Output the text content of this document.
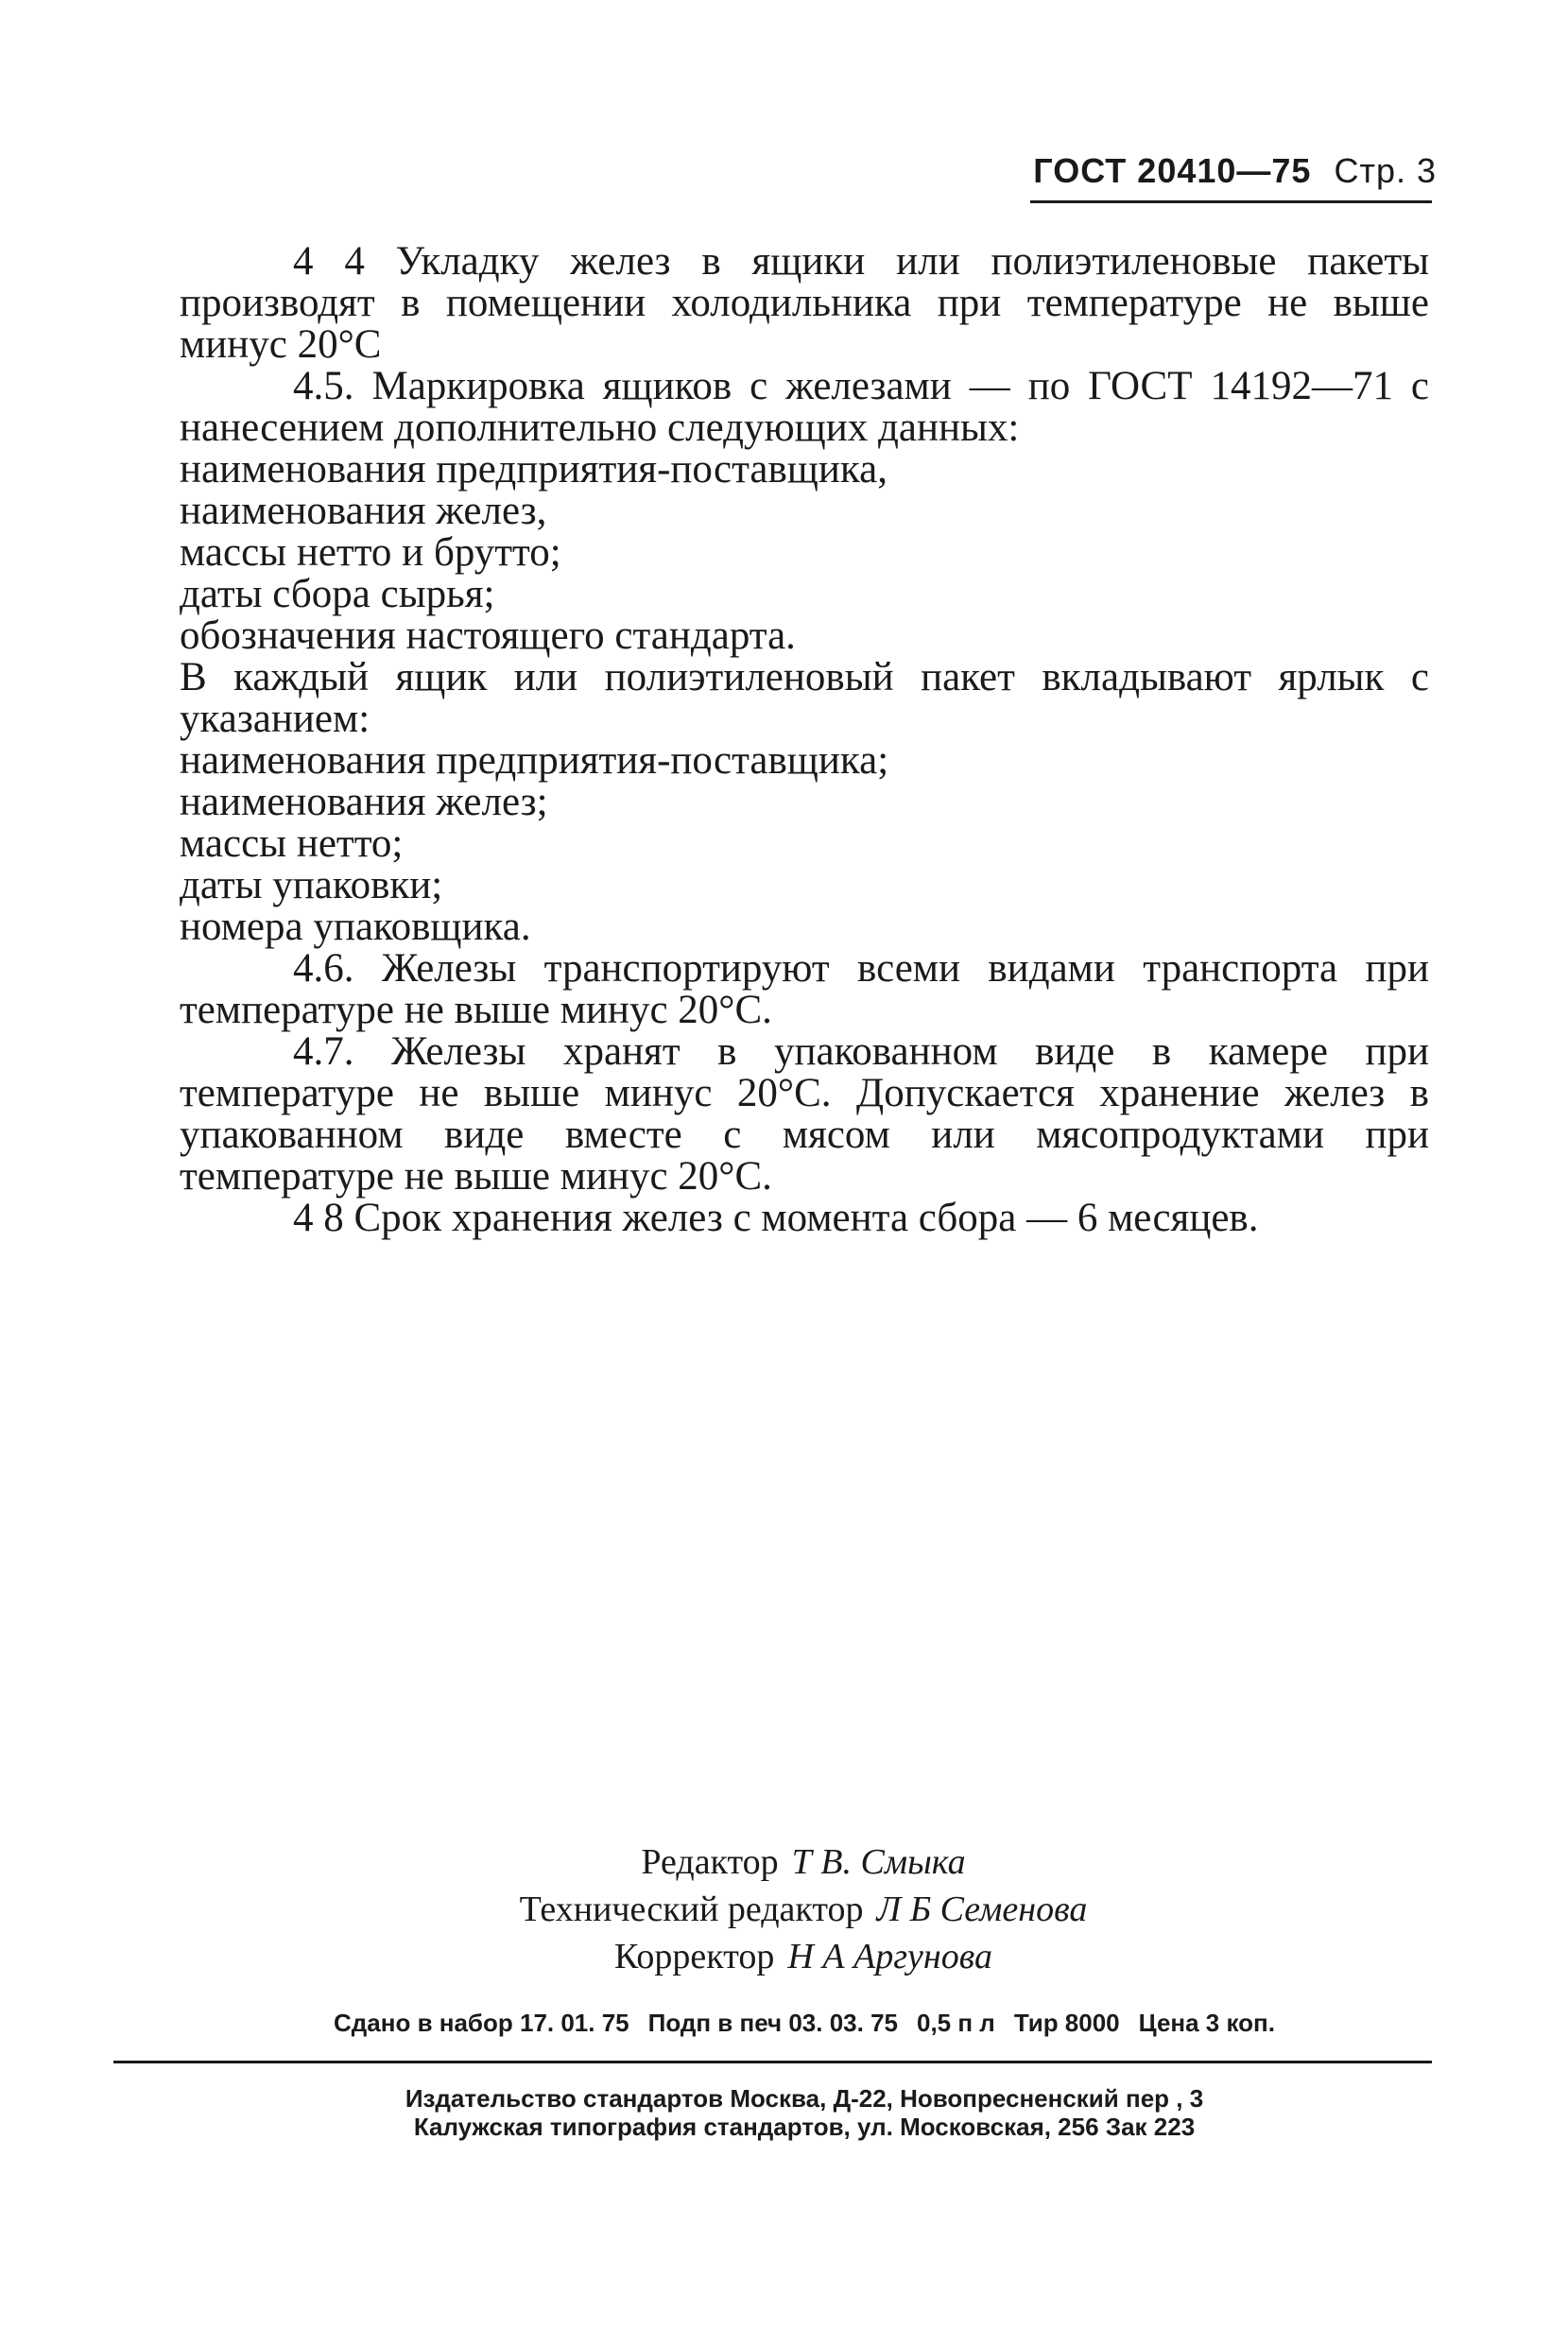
ГОСТ 20410—75 Стр. 3

4 4 Укладку желез в ящики или полиэтиленовые пакеты производят в помещении холодильника при температуре не выше минус 20°С

4.5. Маркировка ящиков с железами — по ГОСТ 14192—71 с нанесением дополнительно следующих данных:

наименования предприятия-поставщика,
наименования желез,
массы нетто и брутто;
даты сбора сырья;
обозначения настоящего стандарта.

В каждый ящик или полиэтиленовый пакет вкладывают ярлык с указанием:

наименования предприятия-поставщика;
наименования желез;
массы нетто;
даты упаковки;
номера упаковщика.

4.6. Железы транспортируют всеми видами транспорта при температуре не выше минус 20°С.

4.7. Железы хранят в упакованном виде в камере при температуре не выше минус 20°С. Допускается хранение желез в упакованном виде вместе с мясом или мясопродуктами при температуре не выше минус 20°С.

4 8 Срок хранения желез с момента сбора — 6 месяцев.

Редактор Т В. Смыка
Технический редактор Л Б Семенова
Корректор Н А Аргунова
Сдано в набор 17. 01. 75 Подп в печ 03. 03. 75 0,5 п л Тир 8000 Цена 3 коп.
Издательство стандартов Москва, Д-22, Новопресненский пер , 3
Калужская типография стандартов, ул. Московская, 256 Зак 223
